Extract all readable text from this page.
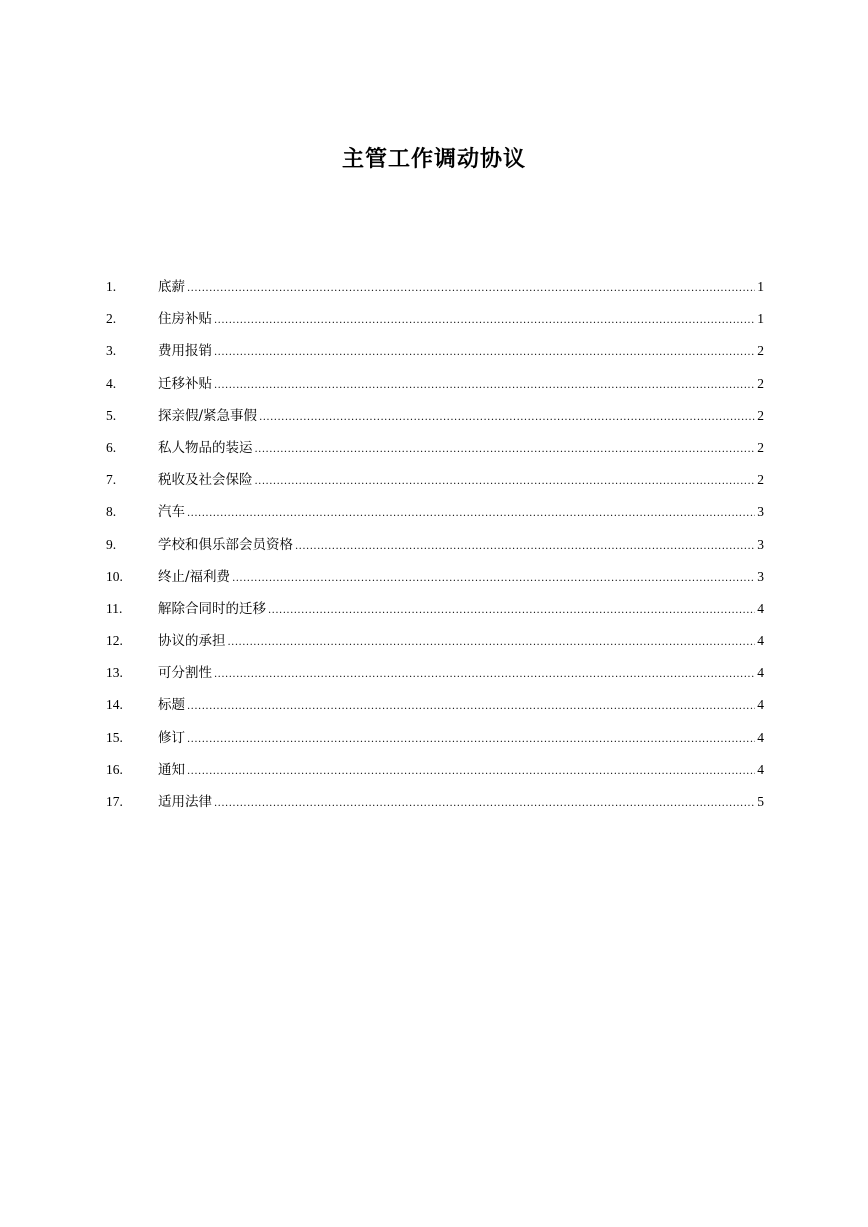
主管工作调动协议
1.	底薪 .....	1
2.	住房补贴 .....	1
3.	费用报销 .....	2
4.	迁移补贴 .....	2
5.	探亲假/紧急事假 .....	2
6.	私人物品的装运 .....	2
7.	税收及社会保险 .....	2
8.	汽车 .....	3
9.	学校和俱乐部会员资格 .....	3
10.	终止/福利费 .....	3
11.	解除合同时的迁移 .....	4
12.	协议的承担 .....	4
13.	可分割性 .....	4
14.	标题 .....	4
15.	修订 .....	4
16.	通知 .....	4
17.	适用法律 .....	5
